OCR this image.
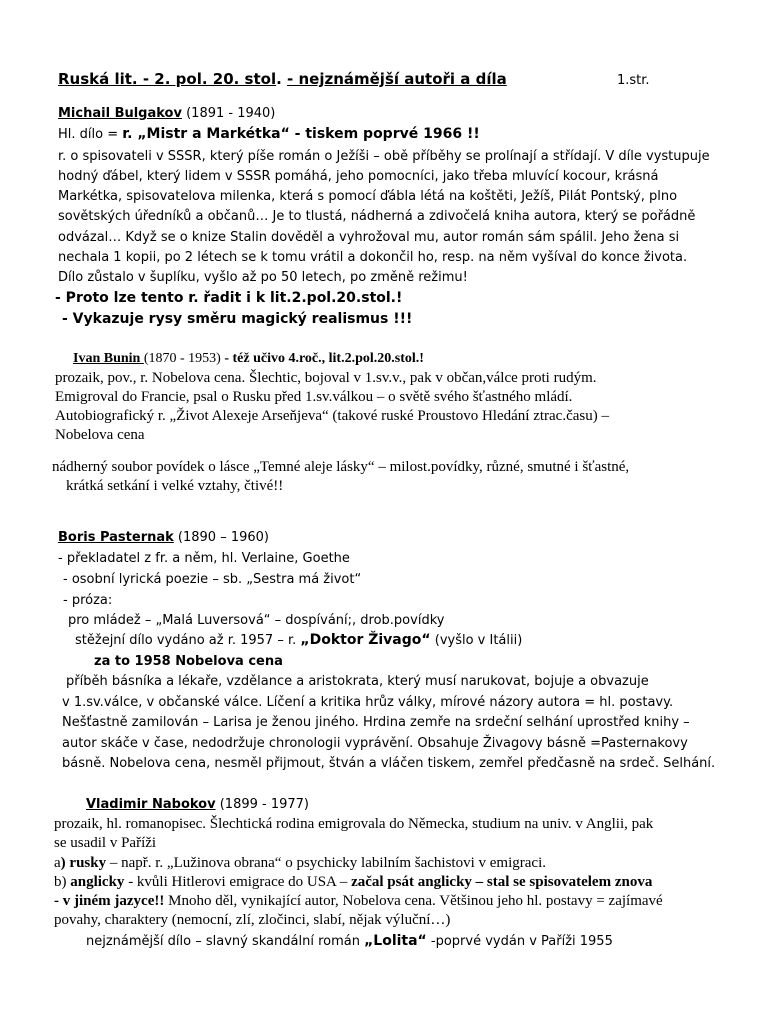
Ruská lit. - 2. pol. 20. stol. - nejznámější autoři a díla	1.str.
Michail Bulgakov (1891 - 1940)
Hl. dílo = r. „Mistr a Markétka“ - tiskem poprvé 1966 !!
r. o spisovateli v SSSR, který píše román o Ježíši – obě příběhy se prolínají a střídají. V díle vystupuje
hodný ďábel, který lidem v SSSR pomáhá, jeho pomocníci, jako třeba mluvící kocour, krásná
Markétka, spisovatelova milenka, která s pomocí ďábla létá na koštěti, Ježíš, Pilát Pontský, plno
sovětských úředníků a občanů… Je to tlustá, nádherná a zdivočelá kniha autora, který se pořádně
odvázal… Když se o knize Stalin dověděl a vyhrožoval mu, autor román sám spálil. Jeho žena si
nechala 1 kopii, po 2 létech se k tomu vrátil a dokončil ho, resp. na něm vyšíval do konce života.
Dílo zůstalo v šuplíku, vyšlo až po 50 letech, po změně režimu!
- Proto lze tento r. řadit i k lit.2.pol.20.stol.!
- Vykazuje rysy směru magický realismus !!!
Ivan Bunin (1870 - 1953) - též učivo 4.roč., lit.2.pol.20.stol.!
prozaik, pov., r. Nobelova cena. Šlechtic, bojoval v 1.sv.v., pak v občan,válce proti rudým.
Emigroval do Francie, psal o Rusku před 1.sv.válkou – o světě svého šťastného mládí.
Autobiografický r. „Život Alexeje Arseňjeva“ (takové ruské Proustovo Hledání ztrac.času) –
Nobelova cena
nádherný soubor povídek o lásce „Temné aleje lásky“ – milost.povídky, různé, smutné i šťastné,
krátká setkání i velké vztahy, čtivé!!
Boris Pasternak (1890 – 1960)
- překladatel z fr. a něm, hl. Verlaine, Goethe
- osobní lyrická poezie – sb. „Sestra má život“
- próza:
pro mládež – „Malá Luversová“ – dospívání;, drob.povídky
stěžejní dílo vydáno až r. 1957 – r. „Doktor Živago“ (vyšlo v Itálii)
za to 1958 Nobelova cena
příběh básníka a lékaře, vzdělance a aristokrata, který musí narukovat, bojuje a obvazuje
v 1.sv.válce, v občanské válce. Líčení a kritika hrůz války, mírové názory autora = hl. postavy.
Nešťastně zamilován – Larisa je ženou jiného. Hrdina zemře na srdeční selhání uprostřed knihy –
autor skáče v čase, nedodržuje chronologii vyprávění. Obsahuje Živagovy básně =Pasternakovy
básně. Nobelova cena, nesměl přijmout, štván a vláčen tiskem, zemřel předčasně na srdeč. Selhání.
Vladimir Nabokov (1899 - 1977)
prozaik, hl. romanopisec. Šlechtická rodina emigrovala do Německa, studium na univ. v Anglii, pak
se usadil v Paříži
a) rusky – např. r. „Lužinova obrana“ o psychicky labilním šachistovi v emigraci.
b) anglicky - kvůli Hitlerovi emigrace do USA – začal psát anglicky – stal se spisovatelem znova
- v jiném jazyce!! Mnoho děl, vynikající autor, Nobelova cena. Většinou jeho hl. postavy = zajímavé
povahy, charaktery (nemocní, zlí, zločinci, slabí, nějak výluční…)
nejznámější dílo – slavný skandální román „Lolita“ -poprvé vydán v Paříži 1955
